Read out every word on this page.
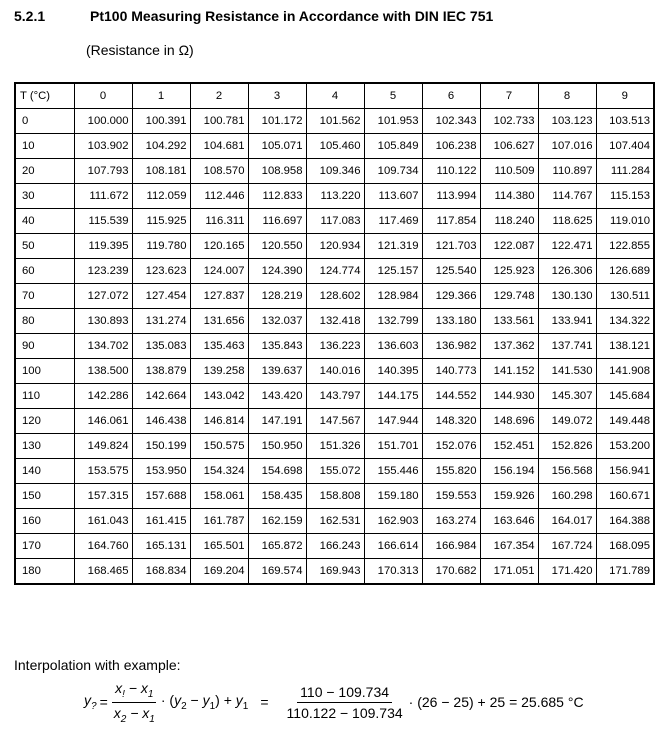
5.2.1	Pt100 Measuring Resistance in Accordance with DIN IEC 751
(Resistance in Ω)
T (°C)	0	1	2	3	4	5	6	7	8	9
0	100.000	100.391	100.781	101.172	101.562	101.953	102.343	102.733	103.123	103.513
10	103.902	104.292	104.681	105.071	105.460	105.849	106.238	106.627	107.016	107.404
20	107.793	108.181	108.570	108.958	109.346	109.734	110.122	110.509	110.897	111.284
30	111.672	112.059	112.446	112.833	113.220	113.607	113.994	114.380	114.767	115.153
40	115.539	115.925	116.311	116.697	117.083	117.469	117.854	118.240	118.625	119.010
50	119.395	119.780	120.165	120.550	120.934	121.319	121.703	122.087	122.471	122.855
60	123.239	123.623	124.007	124.390	124.774	125.157	125.540	125.923	126.306	126.689
70	127.072	127.454	127.837	128.219	128.602	128.984	129.366	129.748	130.130	130.511
80	130.893	131.274	131.656	132.037	132.418	132.799	133.180	133.561	133.941	134.322
90	134.702	135.083	135.463	135.843	136.223	136.603	136.982	137.362	137.741	138.121
100	138.500	138.879	139.258	139.637	140.016	140.395	140.773	141.152	141.530	141.908
110	142.286	142.664	143.042	143.420	143.797	144.175	144.552	144.930	145.307	145.684
120	146.061	146.438	146.814	147.191	147.567	147.944	148.320	148.696	149.072	149.448
130	149.824	150.199	150.575	150.950	151.326	151.701	152.076	152.451	152.826	153.200
140	153.575	153.950	154.324	154.698	155.072	155.446	155.820	156.194	156.568	156.941
150	157.315	157.688	158.061	158.435	158.808	159.180	159.553	159.926	160.298	160.671
160	161.043	161.415	161.787	162.159	162.531	162.903	163.274	163.646	164.017	164.388
170	164.760	165.131	165.501	165.872	166.243	166.614	166.984	167.354	167.724	168.095
180	168.465	168.834	169.204	169.574	169.943	170.313	170.682	171.051	171.420	171.789
Interpolation with example:
$y_? = \frac{x_! - x_1}{x_2 - x_1} \cdot (y_2 - y_1) + y_1 = \frac{110 - 109.734}{110.122 - 109.734} \cdot (26 - 25) + 25 = 25.685$ °C
